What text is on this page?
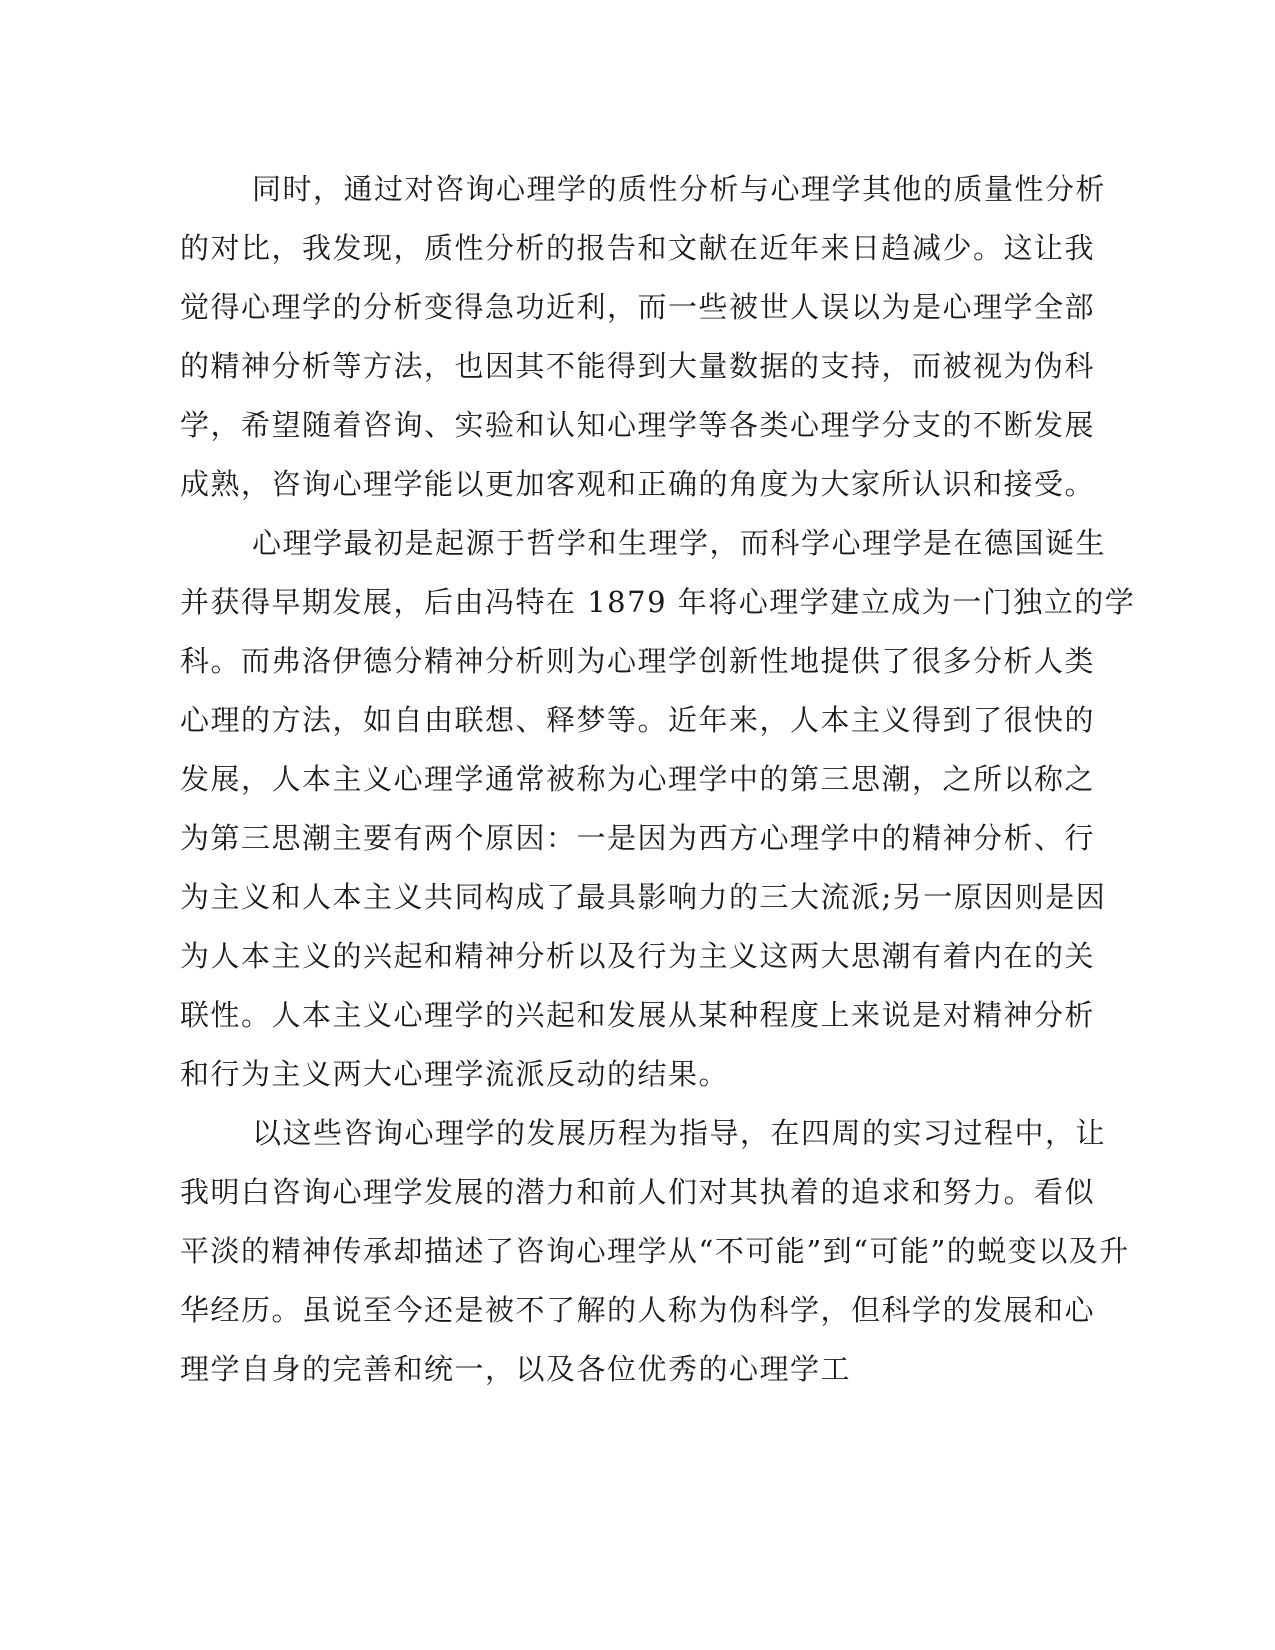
同时，通过对咨询心理学的质性分析与心理学其他的质量性分析
的对比，我发现，质性分析的报告和文献在近年来日趋减少。这让我
觉得心理学的分析变得急功近利，而一些被世人误以为是心理学全部
的精神分析等方法，也因其不能得到大量数据的支持，而被视为伪科
学，希望随着咨询、实验和认知心理学等各类心理学分支的不断发展
成熟，咨询心理学能以更加客观和正确的角度为大家所认识和接受。

心理学最初是起源于哲学和生理学，而科学心理学是在德国诞生
并获得早期发展，后由冯特在 1879 年将心理学建立成为一门独立的学
科。而弗洛伊德分精神分析则为心理学创新性地提供了很多分析人类
心理的方法，如自由联想、释梦等。近年来，人本主义得到了很快的
发展，人本主义心理学通常被称为心理学中的第三思潮，之所以称之
为第三思潮主要有两个原因：一是因为西方心理学中的精神分析、行
为主义和人本主义共同构成了最具影响力的三大流派;另一原因则是因
为人本主义的兴起和精神分析以及行为主义这两大思潮有着内在的关
联性。人本主义心理学的兴起和发展从某种程度上来说是对精神分析
和行为主义两大心理学流派反动的结果。

以这些咨询心理学的发展历程为指导，在四周的实习过程中，让
我明白咨询心理学发展的潜力和前人们对其执着的追求和努力。看似
平淡的精神传承却描述了咨询心理学从“不可能”到“可能”的蜕变以及升
华经历。虽说至今还是被不了解的人称为伪科学，但科学的发展和心
理学自身的完善和统一，以及各位优秀的心理学工
